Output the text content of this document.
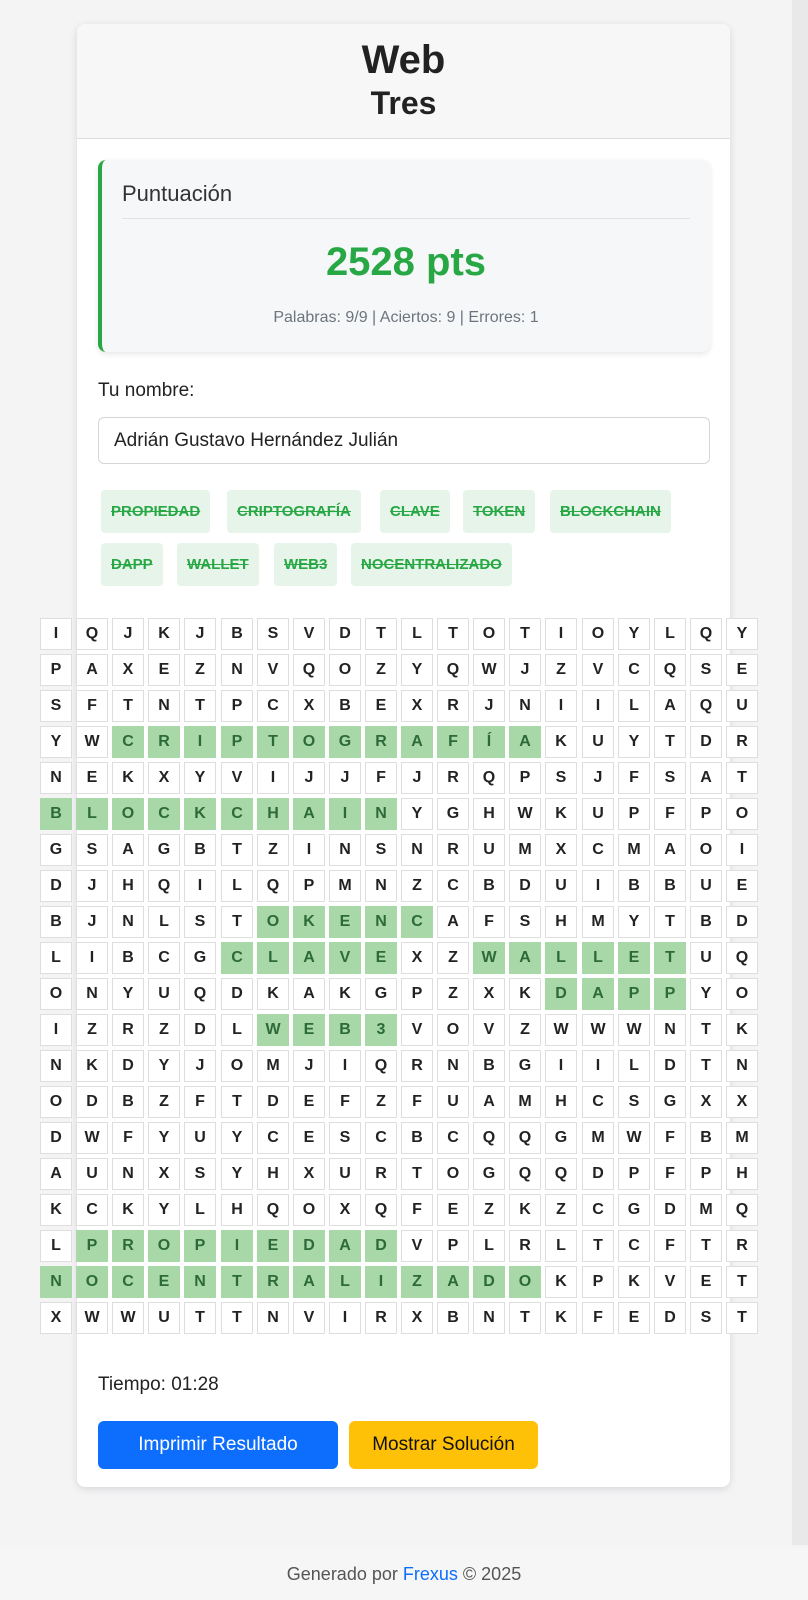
Web
Tres
Puntuación
2528 pts
Palabras: 9/9 | Aciertos: 9 | Errores: 1
Tu nombre:
Adrián Gustavo Hernández Julián
PROPIEDAD	CRIPTOGRAFÍA	CLAVE	TOKEN	BLOCKCHAIN
DAPP	WALLET	WEB3	NOCENTRALIZADO
Tiempo: 01:28
Imprimir Resultado	Mostrar Solución
I	Q	J	K	J	B	S	V	D	T	L	T	O	T	I	O	Y	L	Q	Y
P	A	X	E	Z	N	V	Q	O	Z	Y	Q	W	J	Z	V	C	Q	S	E
S	F	T	N	T	P	C	X	B	E	X	R	J	N	I	I	L	A	Q	U
Y	W	C	R	I	P	T	O	G	R	A	F	Í	A	K	U	Y	T	D	R
N	E	K	X	Y	V	I	J	J	F	J	R	Q	P	S	J	F	S	A	T
B	L	O	C	K	C	H	A	I	N	Y	G	H	W	K	U	P	F	P	O
G	S	A	G	B	T	Z	I	N	S	N	R	U	M	X	C	M	A	O	I
D	J	H	Q	I	L	Q	P	M	N	Z	C	B	D	U	I	B	B	U	E
B	J	N	L	S	T	O	K	E	N	C	A	F	S	H	M	Y	T	B	D
L	I	B	C	G	C	L	A	V	E	X	Z	W	A	L	L	E	T	U	Q
O	N	Y	U	Q	D	K	A	K	G	P	Z	X	K	D	A	P	P	Y	O
I	Z	R	Z	D	L	W	E	B	3	V	O	V	Z	W	W	W	N	T	K
N	K	D	Y	J	O	M	J	I	Q	R	N	B	G	I	I	L	D	T	N
O	D	B	Z	F	T	D	E	F	Z	F	U	A	M	H	C	S	G	X	X
D	W	F	Y	U	Y	C	E	S	C	B	C	Q	Q	G	M	W	F	B	M
A	U	N	X	S	Y	H	X	U	R	T	O	G	Q	Q	D	P	F	P	H
K	C	K	Y	L	H	Q	O	X	Q	F	E	Z	K	Z	C	G	D	M	Q
L	P	R	O	P	I	E	D	A	D	V	P	L	R	L	T	C	F	T	R
N	O	C	E	N	T	R	A	L	I	Z	A	D	O	K	P	K	V	E	T
X	W	W	U	T	T	N	V	I	R	X	B	N	T	K	F	E	D	S	T
Generado por Frexus © 2025
